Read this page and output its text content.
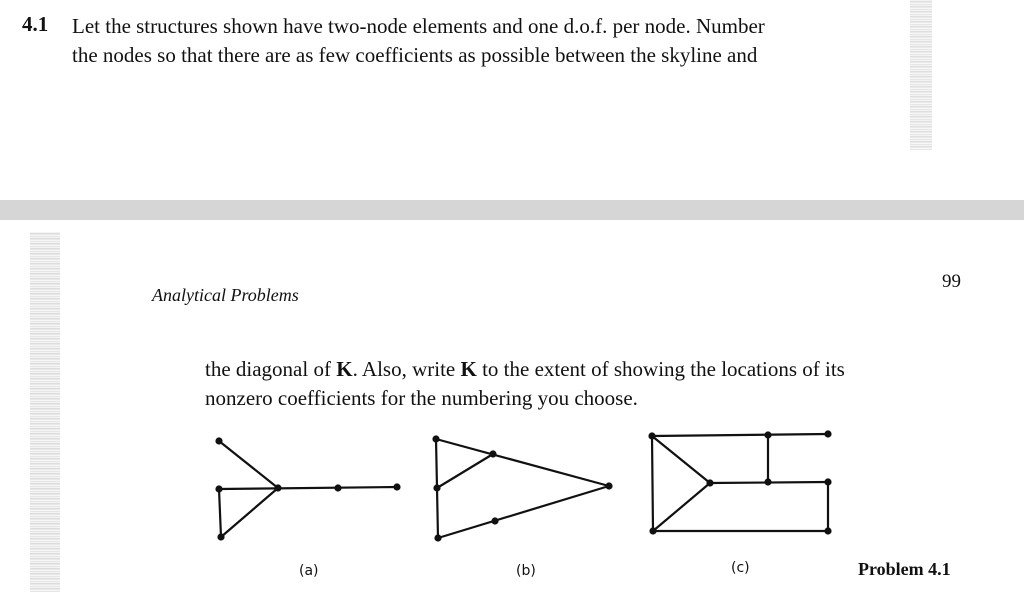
4.1 Let the structures shown have two-node elements and one d.o.f. per node. Number
the nodes so that there are as few coefficients as possible between the skyline and
Analytical Problems
99
the diagonal of K. Also, write K to the extent of showing the locations of its
nonzero coefficients for the numbering you choose.
(a)	(b)	(c)	Problem 4.1
